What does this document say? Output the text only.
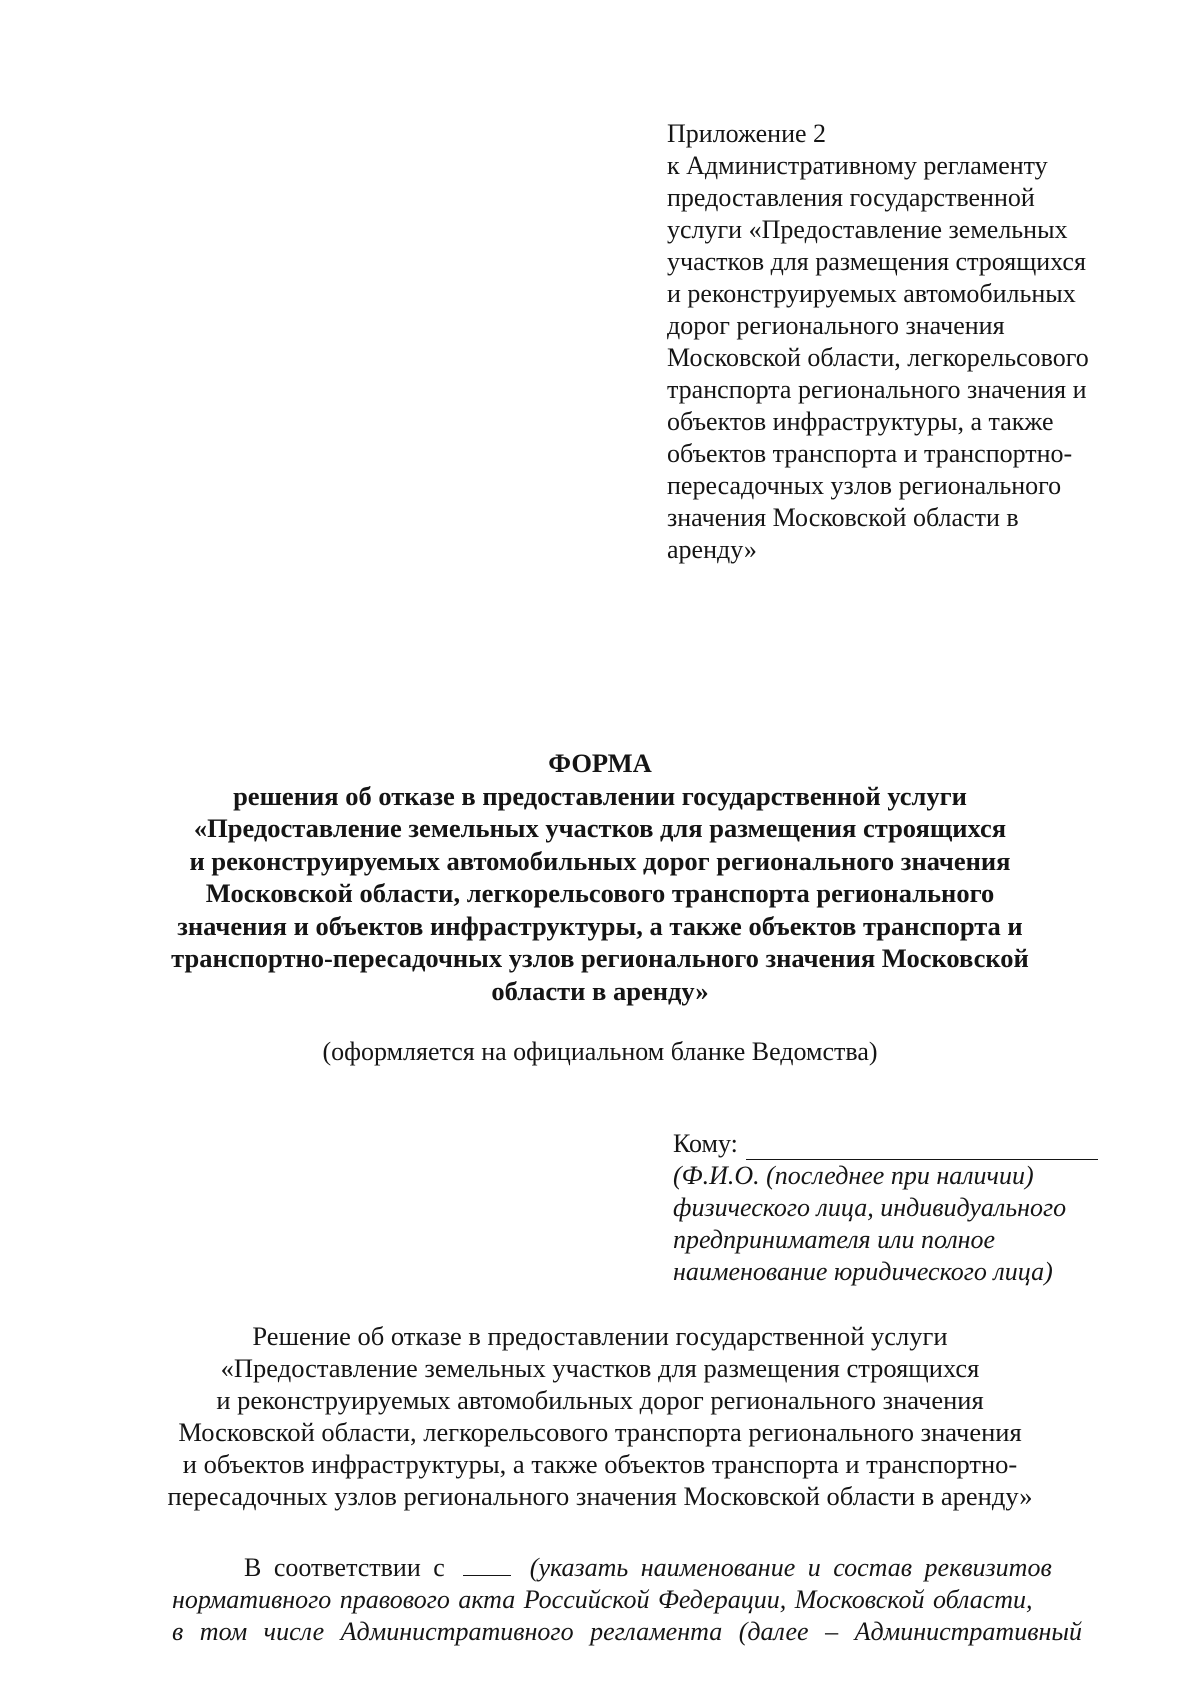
Приложение 2
к Административному регламенту
предоставления государственной
услуги «Предоставление земельных
участков для размещения строящихся
и реконструируемых автомобильных
дорог регионального значения
Московской области, легкорельсового
транспорта регионального значения и
объектов инфраструктуры, а также
объектов транспорта и транспортно-
пересадочных узлов регионального
значения Московской области в
аренду»
ФОРМА
решения об отказе в предоставлении государственной услуги
«Предоставление земельных участков для размещения строящихся
и реконструируемых автомобильных дорог регионального значения
Московской области, легкорельсового транспорта регионального
значения и объектов инфраструктуры, а также объектов транспорта и
транспортно-пересадочных узлов регионального значения Московской
области в аренду»
(оформляется на официальном бланке Ведомства)
Кому:
(Ф.И.О. (последнее при наличии)
физического лица, индивидуального
предпринимателя или полное
наименование юридического лица)
Решение об отказе в предоставлении государственной услуги
«Предоставление земельных участков для размещения строящихся
и реконструируемых автомобильных дорог регионального значения
Московской области, легкорельсового транспорта регионального значения
и объектов инфраструктуры, а также объектов транспорта и транспортно-
пересадочных узлов регионального значения Московской области в аренду»
В соответствии с	(указать наименование и состав реквизитов
нормативного правового акта Российской Федерации, Московской области,
в том числе Административного регламента (далее – Административный
